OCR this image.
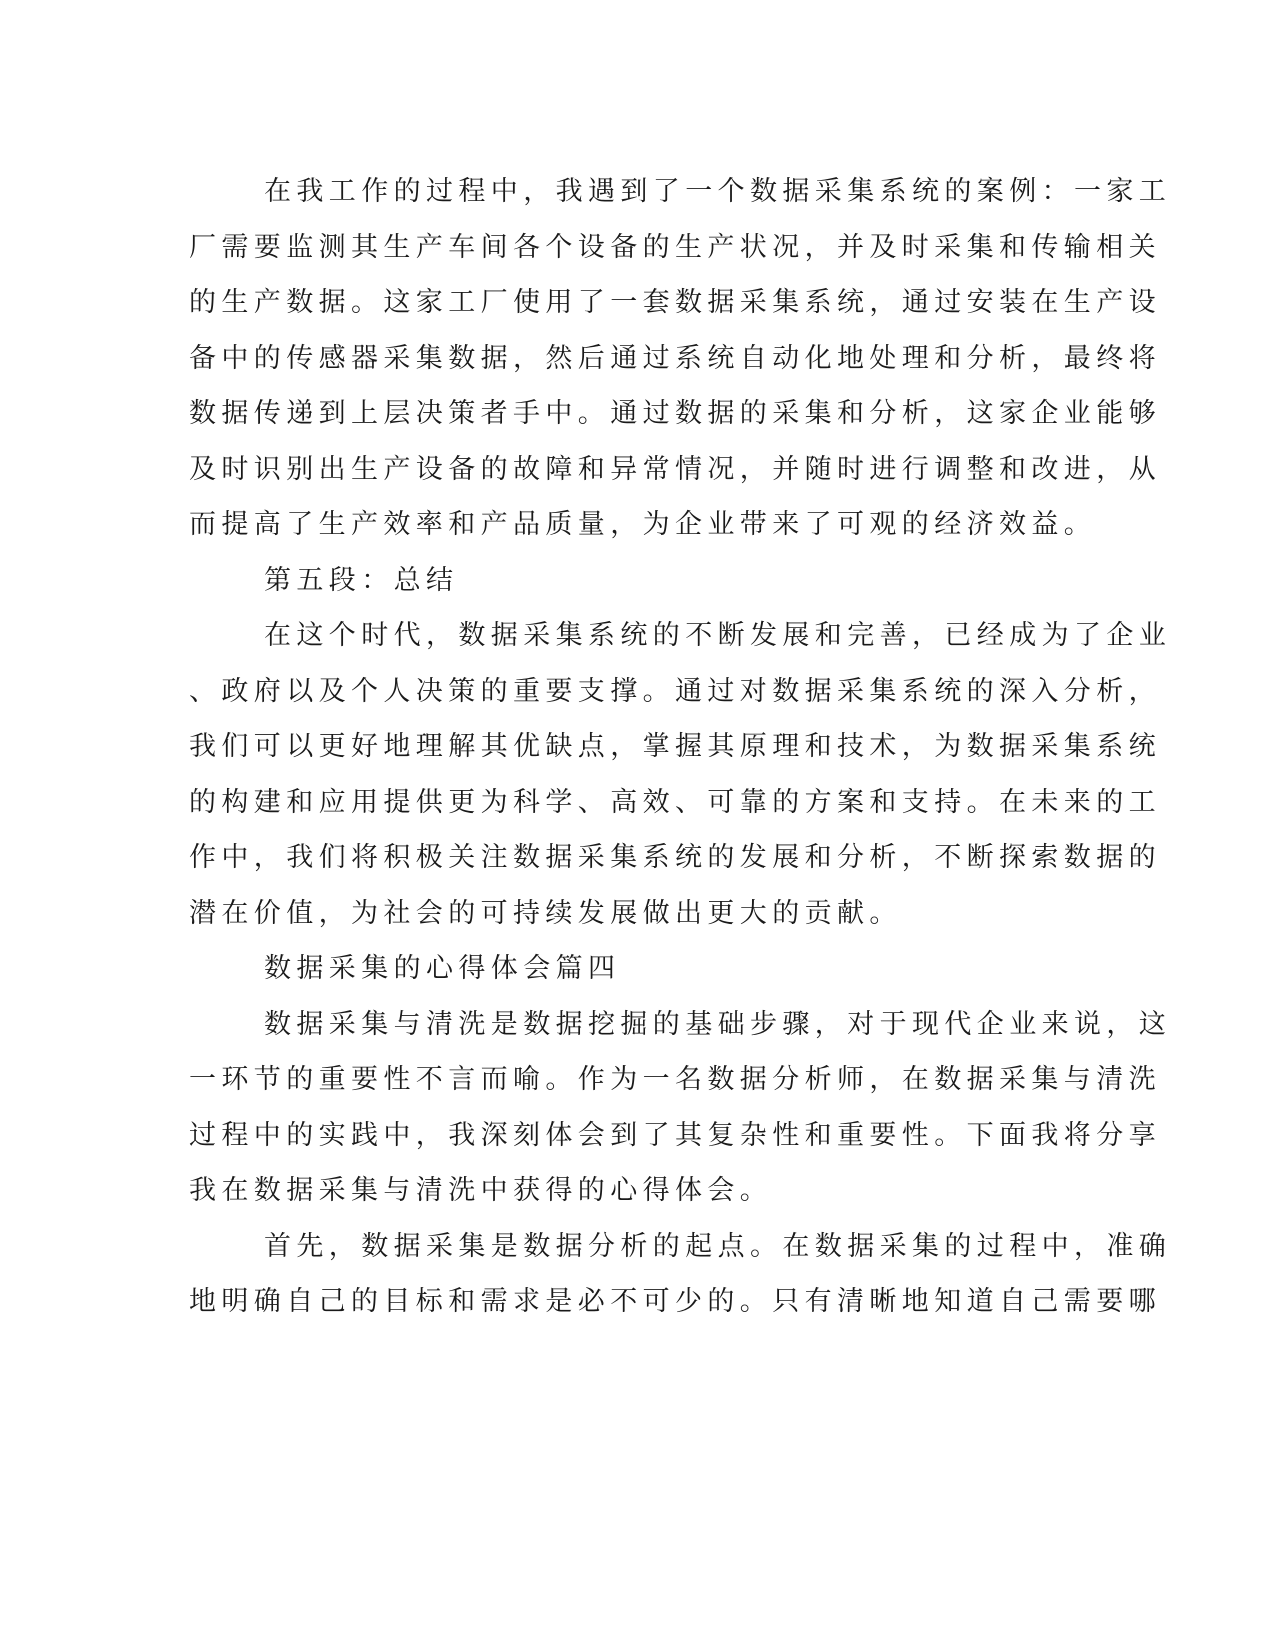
在我工作的过程中，我遇到了一个数据采集系统的案例：一家工
厂需要监测其生产车间各个设备的生产状况，并及时采集和传输相关
的生产数据。这家工厂使用了一套数据采集系统，通过安装在生产设
备中的传感器采集数据，然后通过系统自动化地处理和分析，最终将
数据传递到上层决策者手中。通过数据的采集和分析，这家企业能够
及时识别出生产设备的故障和异常情况，并随时进行调整和改进，从
而提高了生产效率和产品质量，为企业带来了可观的经济效益。
第五段：总结
在这个时代，数据采集系统的不断发展和完善，已经成为了企业
、政府以及个人决策的重要支撑。通过对数据采集系统的深入分析，
我们可以更好地理解其优缺点，掌握其原理和技术，为数据采集系统
的构建和应用提供更为科学、高效、可靠的方案和支持。在未来的工
作中，我们将积极关注数据采集系统的发展和分析，不断探索数据的
潜在价值，为社会的可持续发展做出更大的贡献。
数据采集的心得体会篇四
数据采集与清洗是数据挖掘的基础步骤，对于现代企业来说，这
一环节的重要性不言而喻。作为一名数据分析师，在数据采集与清洗
过程中的实践中，我深刻体会到了其复杂性和重要性。下面我将分享
我在数据采集与清洗中获得的心得体会。
首先，数据采集是数据分析的起点。在数据采集的过程中，准确
地明确自己的目标和需求是必不可少的。只有清晰地知道自己需要哪
